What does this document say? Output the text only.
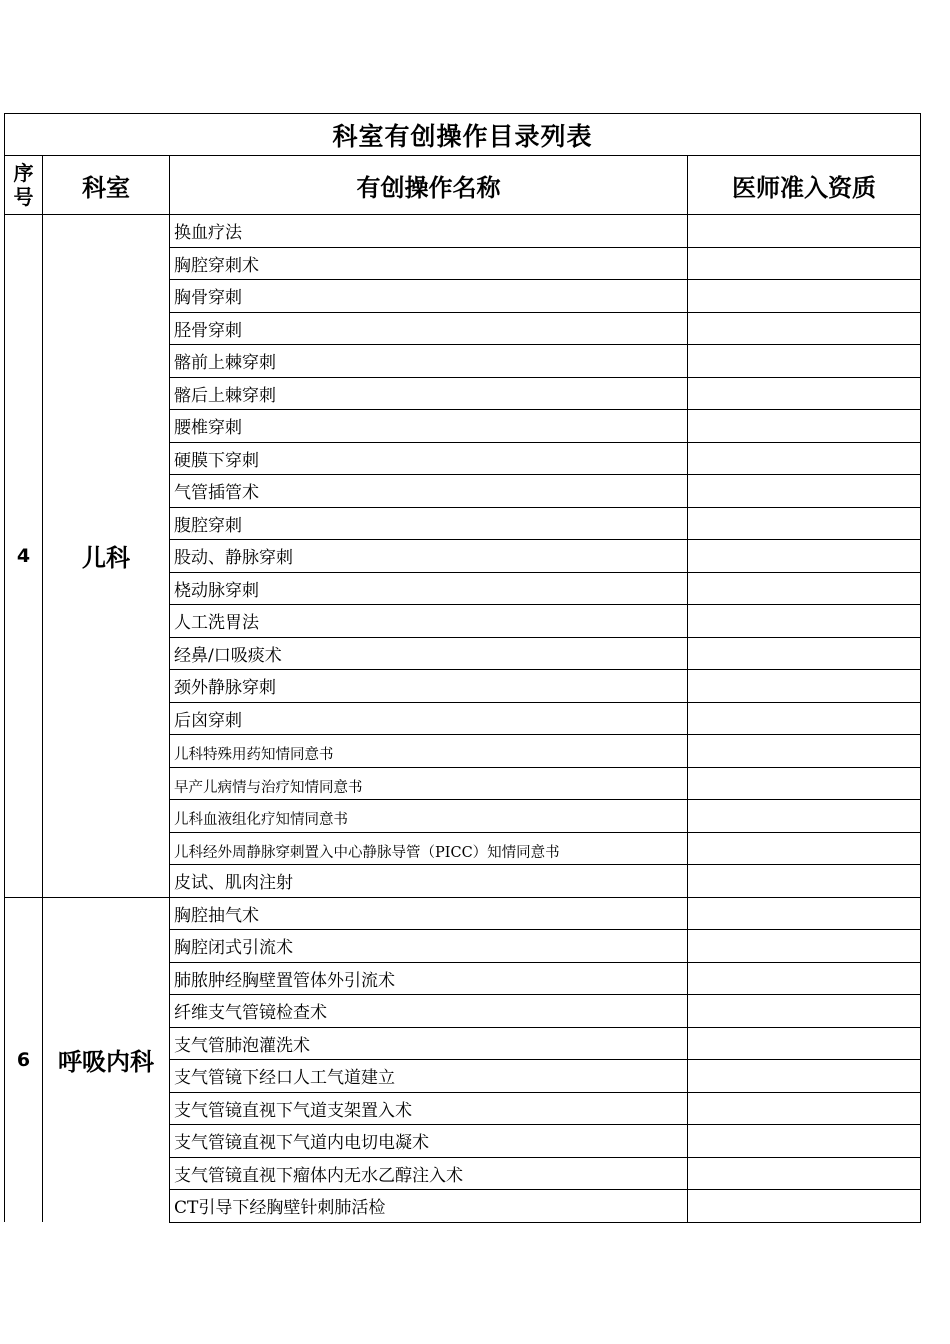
科室有创操作目录列表			

序号	科室	有创操作名称	医师准入资质
4	儿科	换血疗法	
		胸腔穿刺术	
		胸骨穿刺	
		胫骨穿刺	
		髂前上棘穿刺	
		髂后上棘穿刺	
		腰椎穿刺	
		硬膜下穿刺	
		气管插管术	
		腹腔穿刺	
		股动、静脉穿刺	
		桡动脉穿刺	
		人工洗胃法	
		经鼻/口吸痰术	
		颈外静脉穿刺	
		后囟穿刺	
		儿科特殊用药知情同意书	
		早产儿病情与治疗知情同意书	
		儿科血液组化疗知情同意书	
		儿科经外周静脉穿刺置入中心静脉导管（PICC）知情同意书	
		皮试、肌肉注射	
6	呼吸内科	胸腔抽气术	
		胸腔闭式引流术	
		肺脓肿经胸壁置管体外引流术	
		纤维支气管镜检查术	
		支气管肺泡灌洗术	
		支气管镜下经口人工气道建立	
		支气管镜直视下气道支架置入术	
		支气管镜直视下气道内电切电凝术	
		支气管镜直视下瘤体内无水乙醇注入术	
		CT引导下经胸壁针刺肺活检	
